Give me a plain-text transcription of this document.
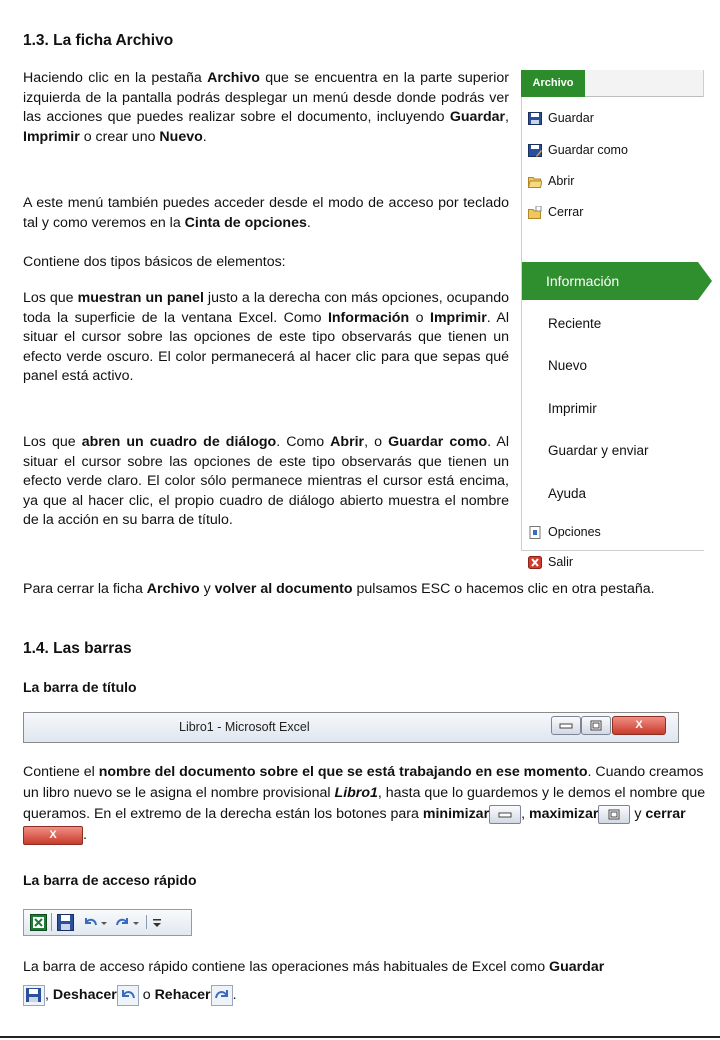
1.3. La ficha Archivo

Haciendo clic en la pestaña Archivo que se encuentra en la parte superior izquierda de la pantalla podrás desplegar un menú desde donde podrás ver las acciones que puedes realizar sobre el documento, incluyendo Guardar, Imprimir o crear uno Nuevo.

A este menú también puedes acceder desde el modo de acceso por teclado tal y como veremos en la Cinta de opciones.

Contiene dos tipos básicos de elementos:

Los que muestran un panel justo a la derecha con más opciones, ocupando toda la superficie de la ventana Excel. Como Información o Imprimir. Al situar el cursor sobre las opciones de este tipo observarás que tienen un efecto verde oscuro. El color permanecerá al hacer clic para que sepas qué panel está activo.

Los que abren un cuadro de diálogo. Como Abrir, o Guardar como. Al situar el cursor sobre las opciones de este tipo observarás que tienen un efecto verde claro. El color sólo permanece mientras el cursor está encima, ya que al hacer clic, el propio cuadro de diálogo abierto muestra el nombre de la acción en su barra de título.

Para cerrar la ficha Archivo y volver al documento pulsamos ESC o hacemos clic en otra pestaña.

Archivo
Guardar
Guardar como
Abrir
Cerrar
Información
Reciente
Nuevo
Imprimir
Guardar y enviar
Ayuda
Opciones
Salir
1.4. Las barras
La barra de título
Libro1 - Microsoft Excel	X

Contiene el nombre del documento sobre el que se está trabajando en ese momento. Cuando creamos un libro nuevo se le asigna el nombre provisional Libro1, hasta que lo guardemos y le demos el nombre que queramos. En el extremo de la derecha están los botones para minimizar , maximizar y cerrarX .

La barra de acceso rápido

La barra de acceso rápido contiene las operaciones más habituales de Excel como Guardar, Deshacer o Rehacer .
